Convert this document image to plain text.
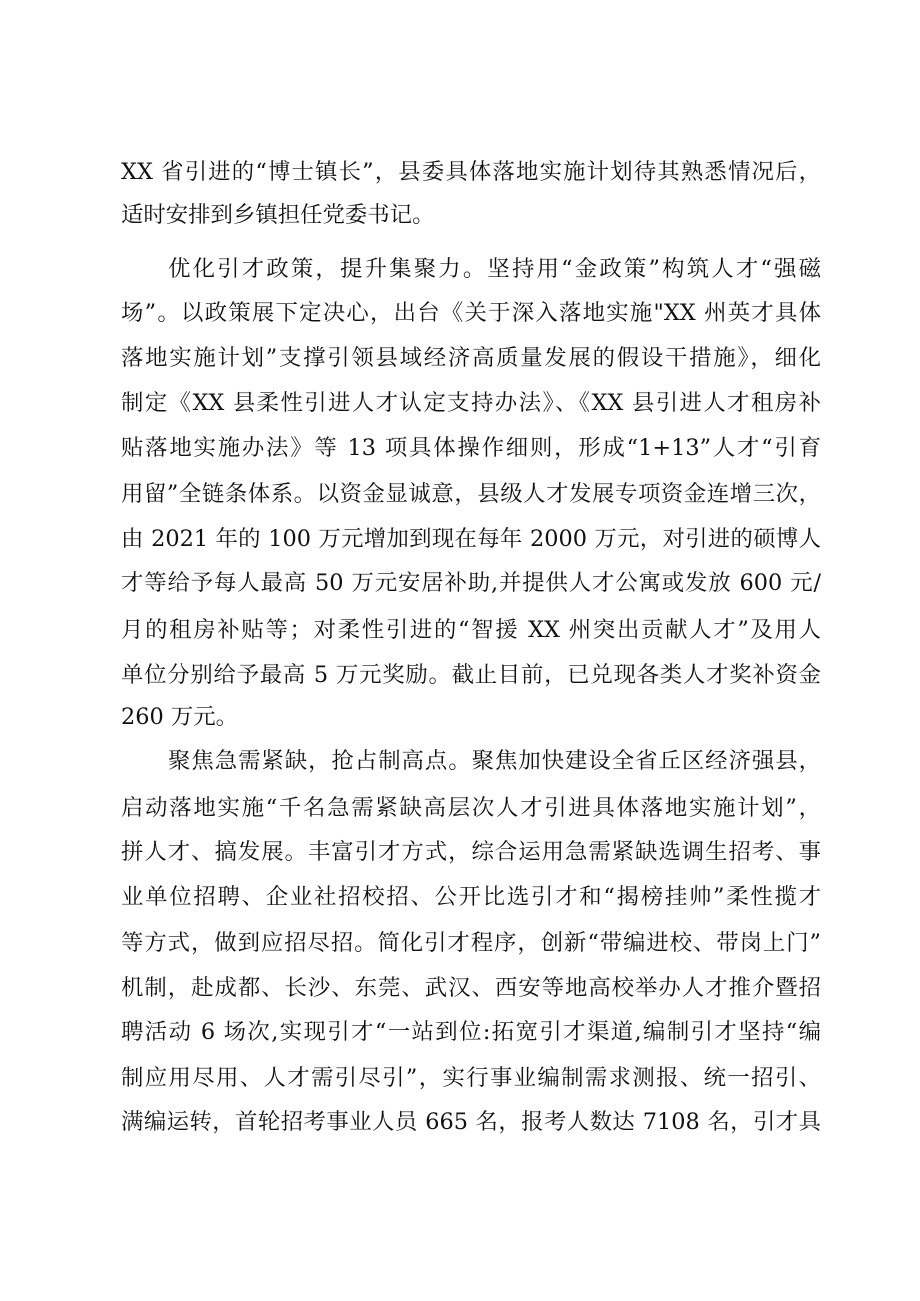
XX 省引进的“博士镇长”，县委具体落地实施计划待其熟悉情况后，
适时安排到乡镇担任党委书记。
优化引才政策，提升集聚力。坚持用“金政策”构筑人才“强磁
场”。以政策展下定决心，出台《关于深入落地实施"XX 州英才具体
落地实施计划”支撑引领县域经济高质量发展的假设干措施》，细化
制定《XX 县柔性引进人才认定支持办法》、《XX 县引进人才租房补
贴落地实施办法》等 13 项具体操作细则，形成“1+13”人才“引育
用留”全链条体系。以资金显诚意，县级人才发展专项资金连增三次，
由 2021 年的 100 万元增加到现在每年 2000 万元，对引进的硕博人
才等给予每人最高 50 万元安居补助,并提供人才公寓或发放 600 元/
月的租房补贴等；对柔性引进的“智援 XX 州突出贡献人才”及用人
单位分别给予最高 5 万元奖励。截止目前，已兑现各类人才奖补资金
260 万元。
聚焦急需紧缺，抢占制高点。聚焦加快建设全省丘区经济强县，
启动落地实施“千名急需紧缺高层次人才引进具体落地实施计划”，
拼人才、搞发展。丰富引才方式，综合运用急需紧缺选调生招考、事
业单位招聘、企业社招校招、公开比选引才和“揭榜挂帅”柔性揽才
等方式，做到应招尽招。简化引才程序，创新“带编进校、带岗上门”
机制，赴成都、长沙、东莞、武汉、西安等地高校举办人才推介暨招
聘活动 6 场次,实现引才“一站到位:拓宽引才渠道,编制引才坚持“编
制应用尽用、人才需引尽引”，实行事业编制需求测报、统一招引、
满编运转，首轮招考事业人员 665 名，报考人数达 7108 名，引才具
